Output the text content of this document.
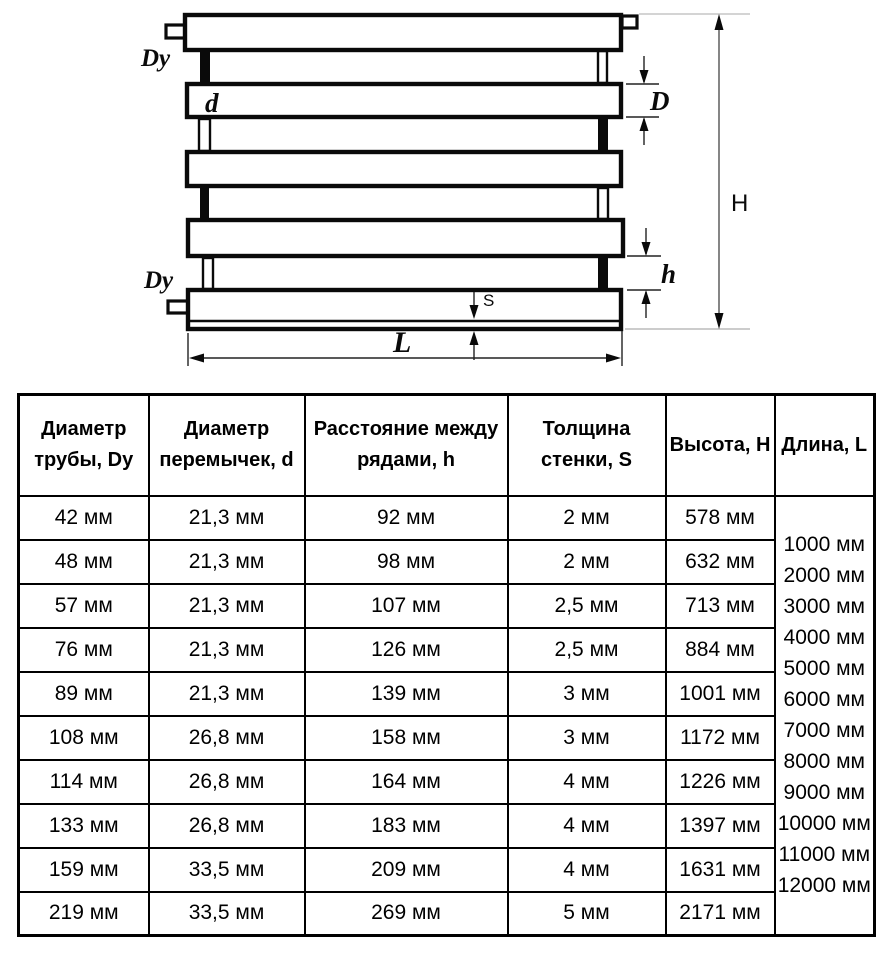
H
D
h
S
L
Dy
Dy
d
Диаметр трубы, Dy	Диаметр перемычек, d	Расстояние между рядами, h	Толщина стенки, S	Высота, Н	Длина, L
42 мм	21,3 мм	92 мм	2 мм	578 мм	
1000 мм
2000 мм
3000 мм
4000 мм
5000 мм
6000 мм
7000 мм
8000 мм
9000 мм
10000 мм
11000 мм
12000 мм

48 мм	21,3 мм	98 мм	2 мм	632 мм	
57 мм	21,3 мм	107 мм	2,5 мм	713 мм	
76 мм	21,3 мм	126 мм	2,5 мм	884 мм	
89 мм	21,3 мм	139 мм	3 мм	1001 мм	
108 мм	26,8 мм	158 мм	3 мм	1172 мм	
114 мм	26,8 мм	164 мм	4 мм	1226 мм	
133 мм	26,8 мм	183 мм	4 мм	1397 мм	
159 мм	33,5 мм	209 мм	4 мм	1631 мм	
219 мм	33,5 мм	269 мм	5 мм	2171 мм	
